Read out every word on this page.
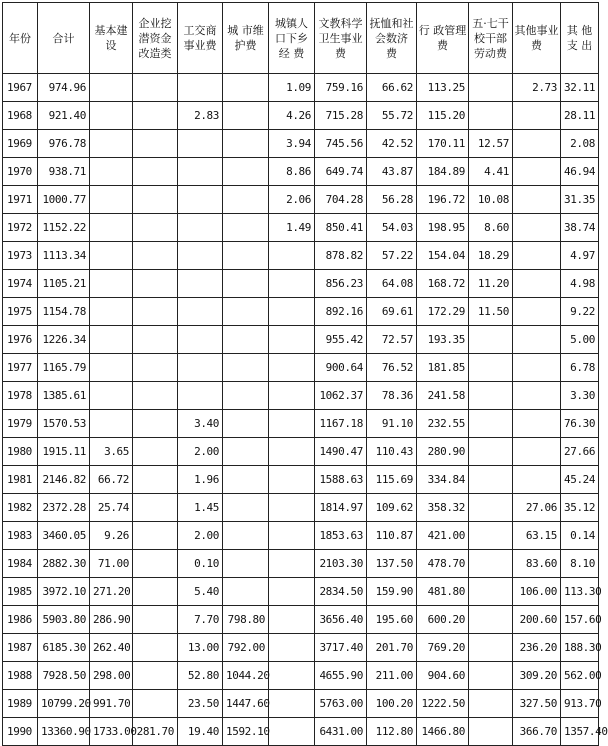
年份	合计	基本建设	企业挖潜资金改造类	工交商事业费	城 市维护费	城镇人口下乡经 费	文教科学卫生事业费	抚恤和社会数济 费	行 政管理费	五·七干校干部劳动费	其他事业费	其 他支 出
1967	974.96					1.09	759.16	66.62	113.25		2.73	32.11
1968	921.40			2.83		4.26	715.28	55.72	115.20			28.11
1969	976.78					3.94	745.56	42.52	170.11	12.57		2.08
1970	938.71					8.86	649.74	43.87	184.89	4.41		46.94
1971	1000.77					2.06	704.28	56.28	196.72	10.08		31.35
1972	1152.22					1.49	850.41	54.03	198.95	8.60		38.74
1973	1113.34						878.82	57.22	154.04	18.29		4.97
1974	1105.21						856.23	64.08	168.72	11.20		4.98
1975	1154.78						892.16	69.61	172.29	11.50		9.22
1976	1226.34						955.42	72.57	193.35			5.00
1977	1165.79						900.64	76.52	181.85			6.78
1978	1385.61						1062.37	78.36	241.58			3.30
1979	1570.53			3.40			1167.18	91.10	232.55			76.30
1980	1915.11	3.65		2.00			1490.47	110.43	280.90			27.66
1981	2146.82	66.72		1.96			1588.63	115.69	334.84			45.24
1982	2372.28	25.74		1.45			1814.97	109.62	358.32		27.06	35.12
1983	3460.05	9.26		2.00			1853.63	110.87	421.00		63.15	0.14
1984	2882.30	71.00		0.10			2103.30	137.50	478.70		83.60	8.10
1985	3972.10	271.20		5.40			2834.50	159.90	481.80		106.00	113.30
1986	5903.80	286.90		7.70	798.80		3656.40	195.60	600.20		200.60	157.60
1987	6185.30	262.40		13.00	792.00		3717.40	201.70	769.20		236.20	188.30
1988	7928.50	298.00		52.80	1044.20		4655.90	211.00	904.60		309.20	562.00
1989	10799.20	991.70		23.50	1447.60		5763.00	100.20	1222.50		327.50	913.70
1990	13360.90	1733.00	281.70	19.40	1592.10		6431.00	112.80	1466.80		366.70	1357.40
